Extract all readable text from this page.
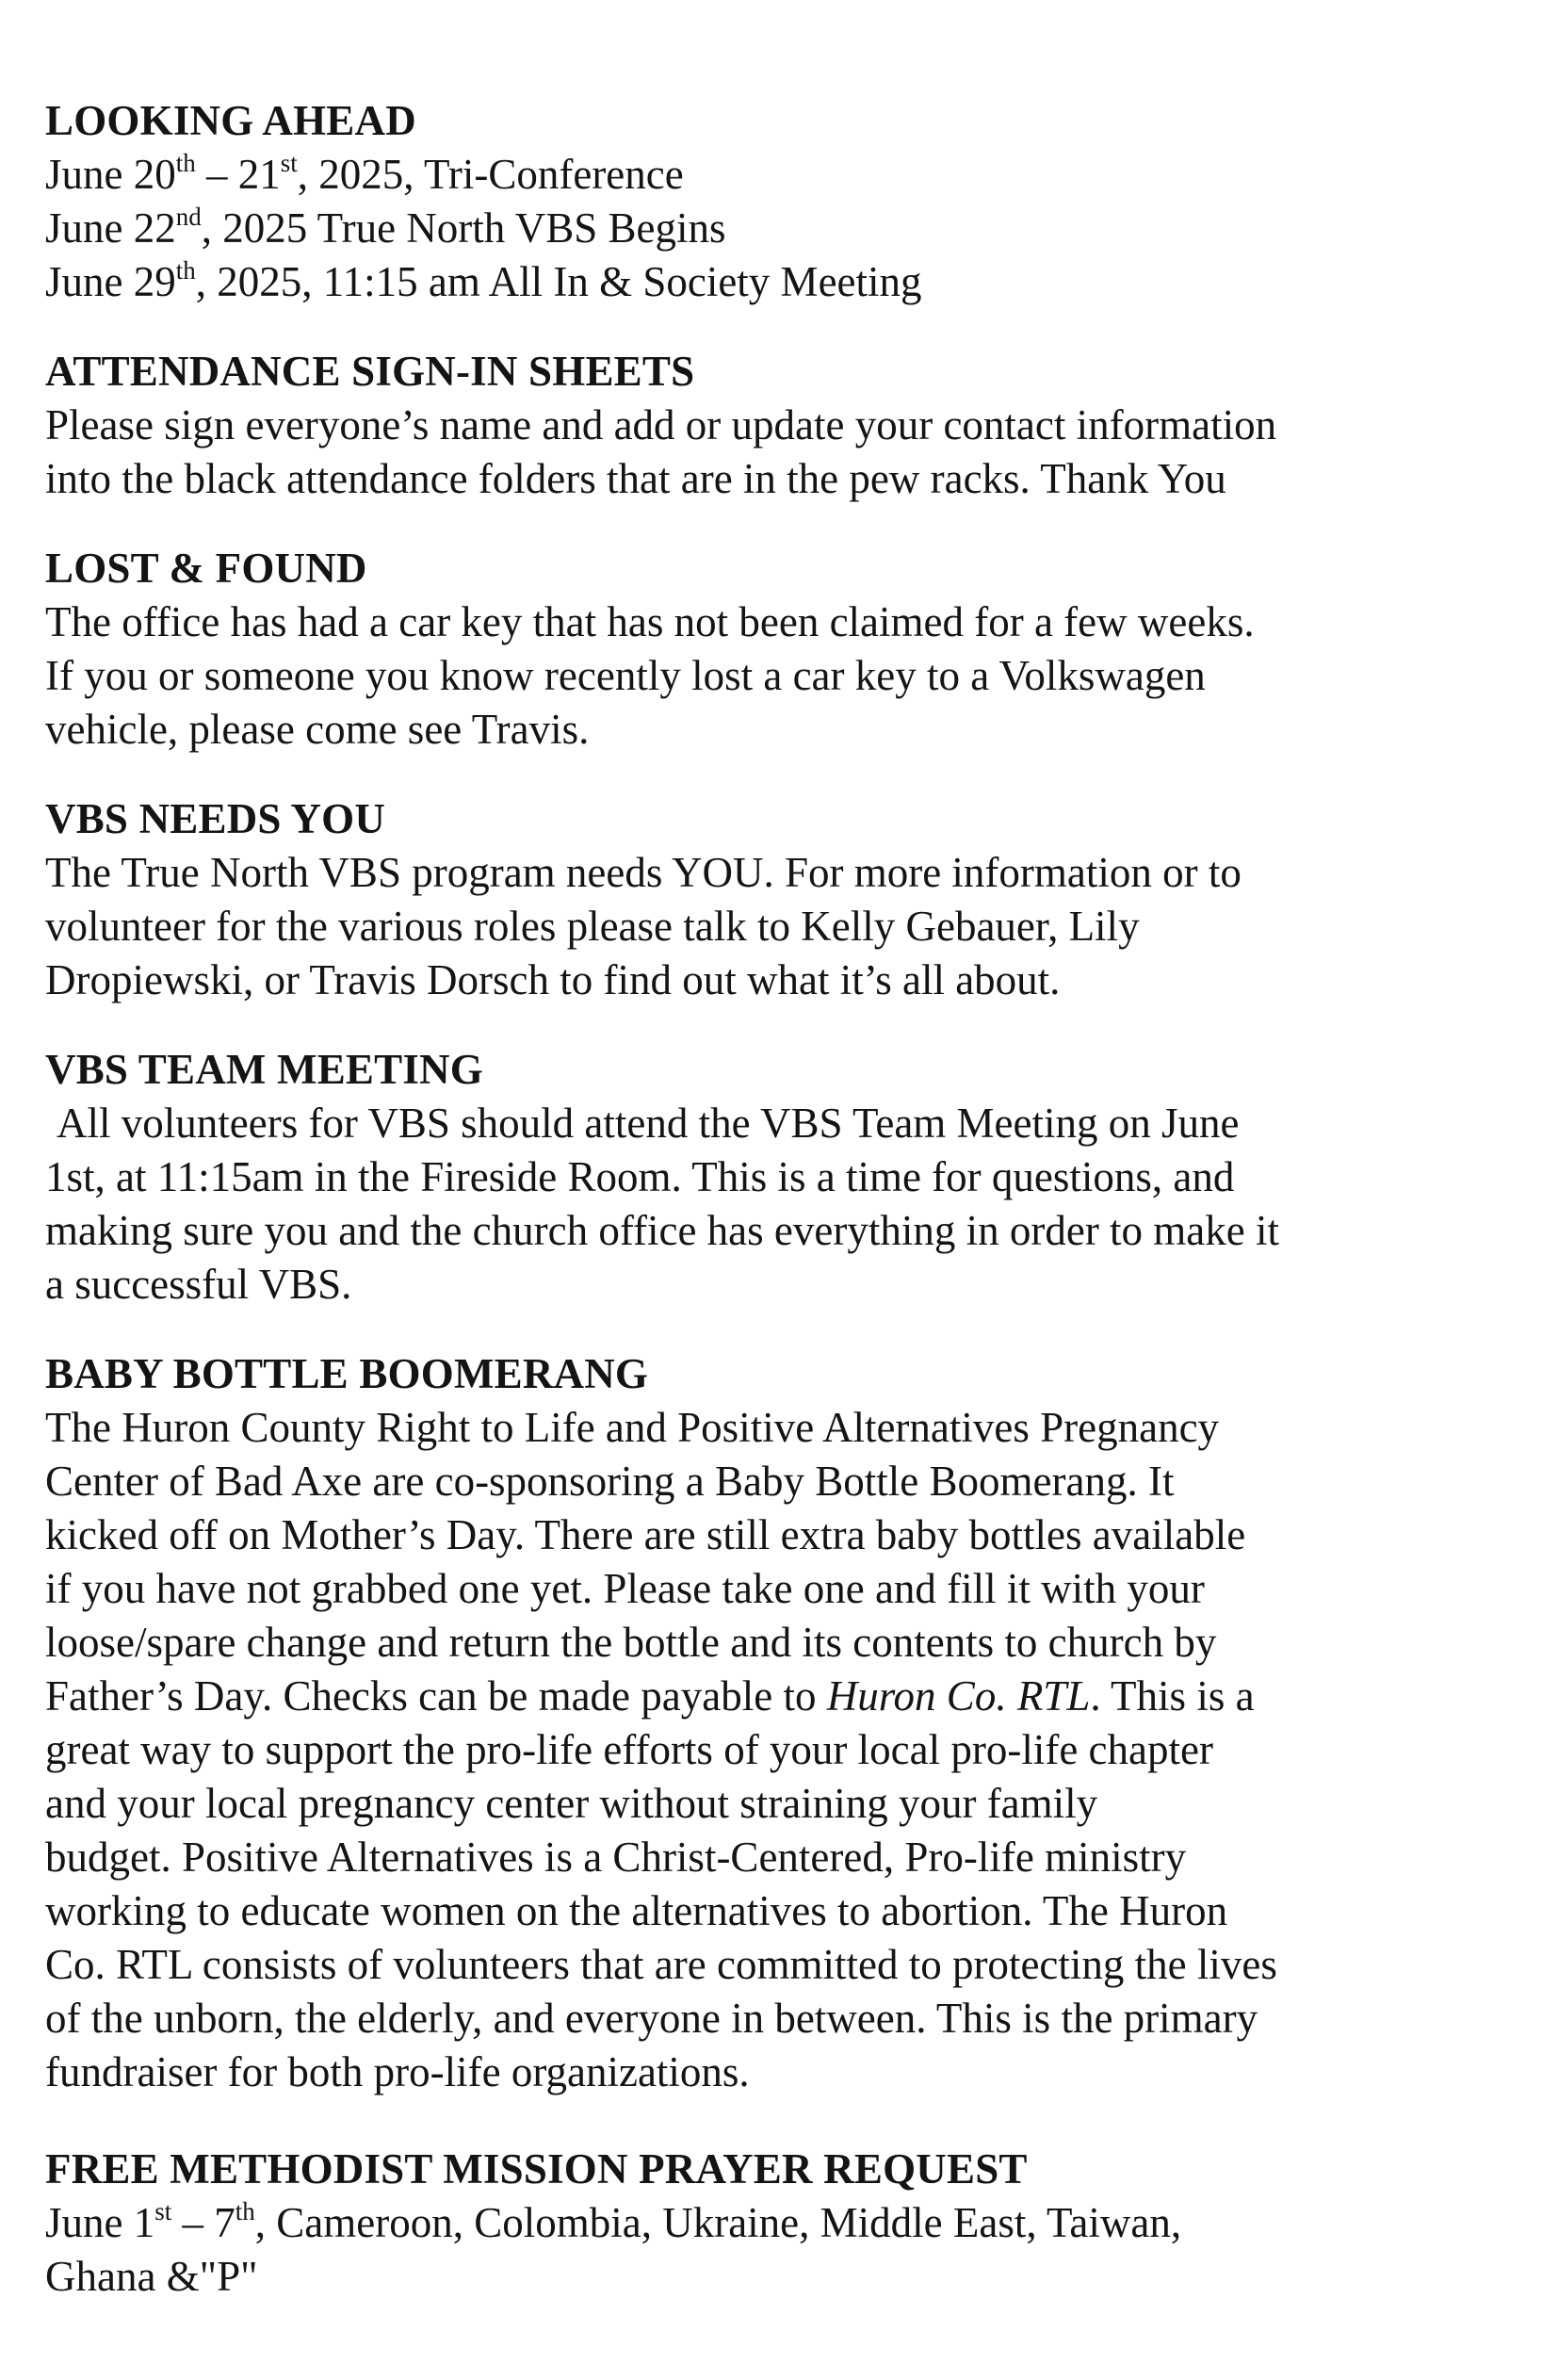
LOOKING AHEAD

June 20th – 21st, 2025, Tri-Conference

June 22nd, 2025 True North VBS Begins

June 29th, 2025, 11:15 am All In & Society Meeting

ATTENDANCE SIGN-IN SHEETS

Please sign everyone’s name and add or update your contact information

into the black attendance folders that are in the pew racks. Thank You

LOST & FOUND

The office has had a car key that has not been claimed for a few weeks.

If you or someone you know recently lost a car key to a Volkswagen

vehicle, please come see Travis.

VBS NEEDS YOU

The True North VBS program needs YOU. For more information or to

volunteer for the various roles please talk to Kelly Gebauer, Lily

Dropiewski, or Travis Dorsch to find out what it’s all about.

VBS TEAM MEETING

All volunteers for VBS should attend the VBS Team Meeting on June

1st, at 11:15am in the Fireside Room. This is a time for questions, and

making sure you and the church office has everything in order to make it

a successful VBS.

BABY BOTTLE BOOMERANG

The Huron County Right to Life and Positive Alternatives Pregnancy

Center of Bad Axe are co-sponsoring a Baby Bottle Boomerang. It

kicked off on Mother’s Day. There are still extra baby bottles available

if you have not grabbed one yet. Please take one and fill it with your

loose/spare change and return the bottle and its contents to church by

Father’s Day. Checks can be made payable to Huron Co. RTL. This is a

great way to support the pro-life efforts of your local pro-life chapter

and your local pregnancy center without straining your family

budget. Positive Alternatives is a Christ-Centered, Pro-life ministry

working to educate women on the alternatives to abortion. The Huron

Co. RTL consists of volunteers that are committed to protecting the lives

of the unborn, the elderly, and everyone in between. This is the primary

fundraiser for both pro-life organizations.

FREE METHODIST MISSION PRAYER REQUEST

June 1st – 7th, Cameroon, Colombia, Ukraine, Middle East, Taiwan,

Ghana &"P"
